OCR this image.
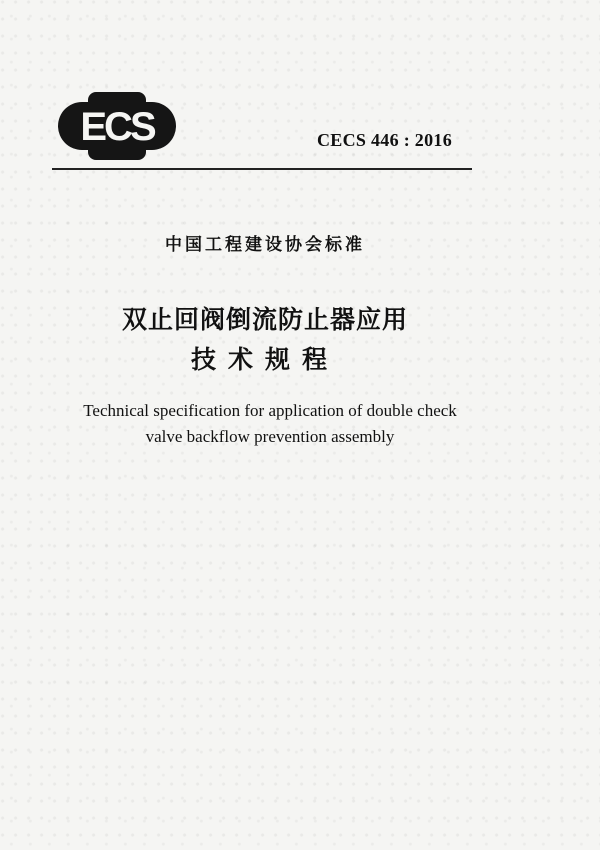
ECS	CECS 446 : 2016
中国工程建设协会标准
双止回阀倒流防止器应用
技术规程
Technical specification for application of double check
valve backflow prevention assembly
